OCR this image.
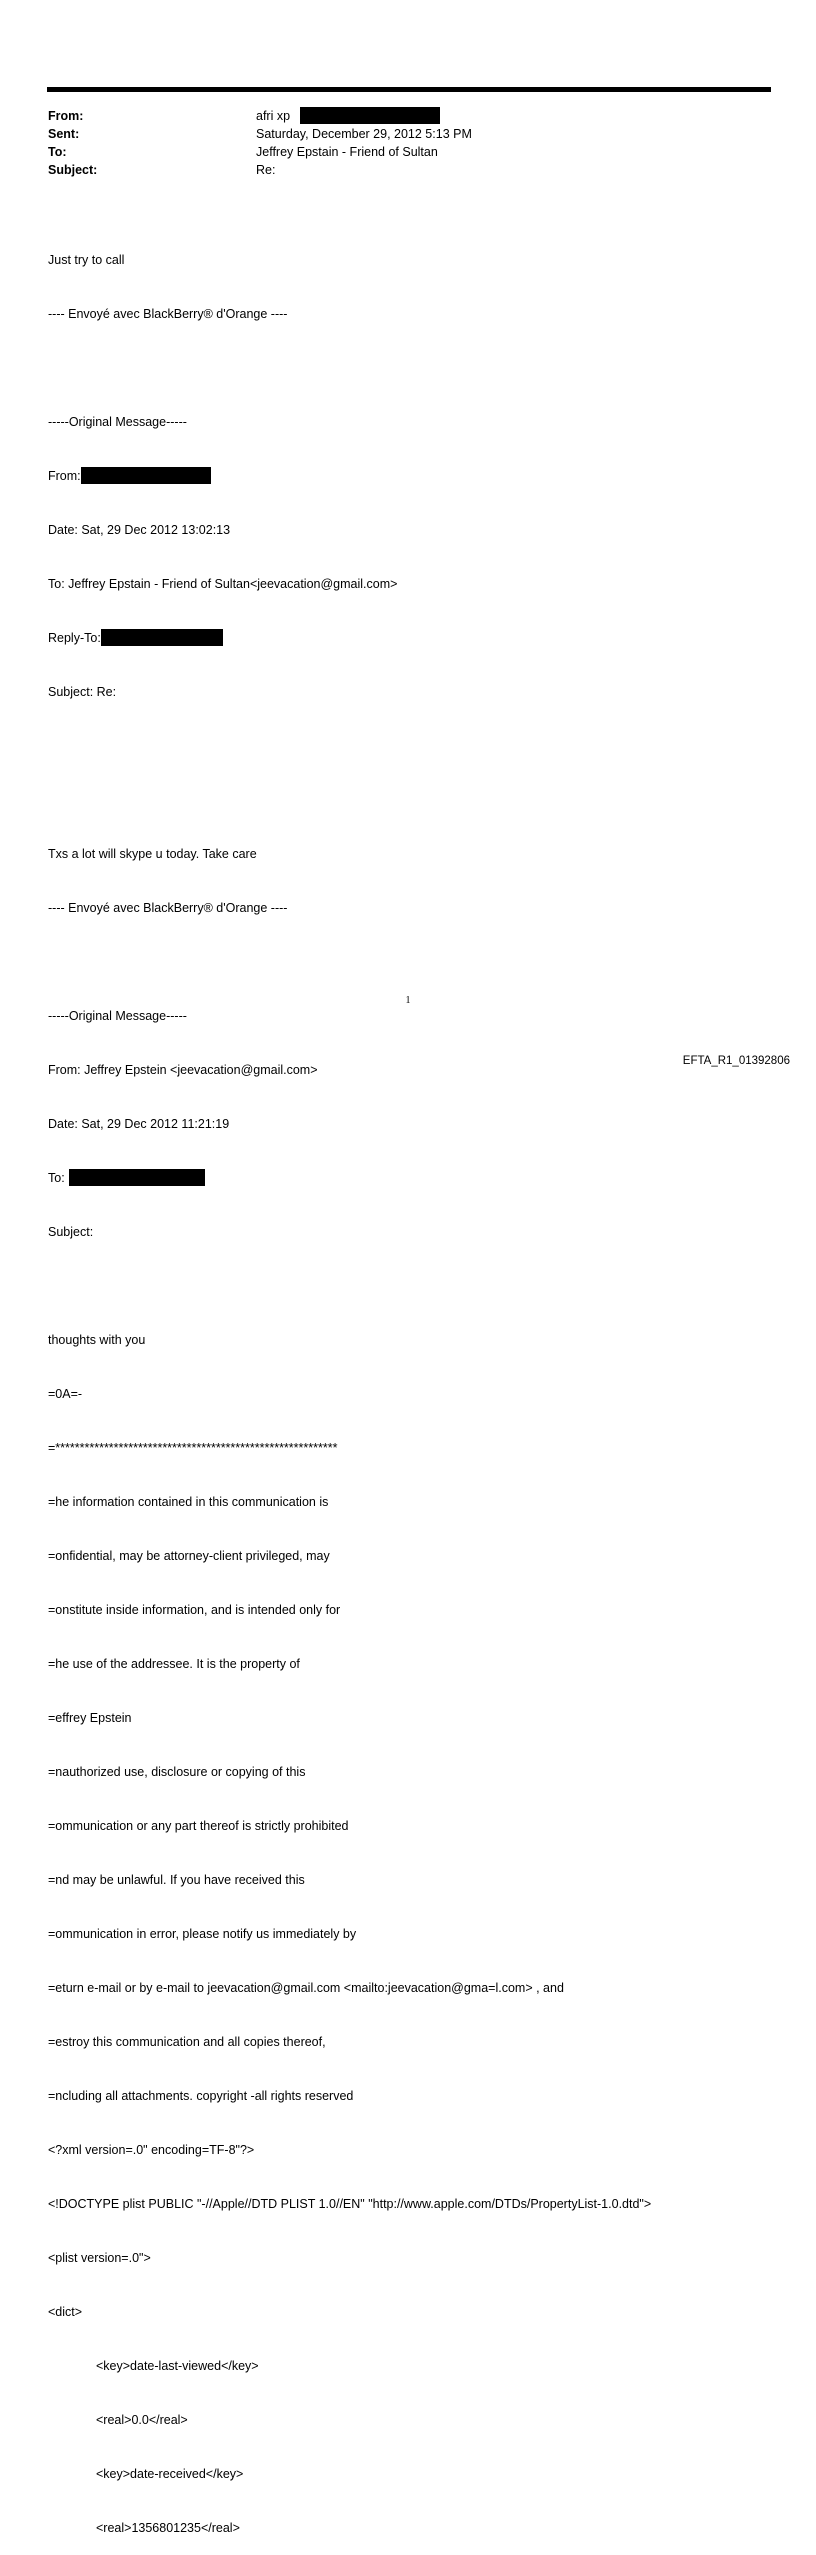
From:	afri xp
Sent:	Saturday, December 29, 2012 5:13 PM
To:	Jeffrey Epstain - Friend of Sultan
Subject:	Re:

Just try to call

---- Envoyé avec BlackBerry® d'Orange ----

-----Original Message-----

From:

Date: Sat, 29 Dec 2012 13:02:13

To: Jeffrey Epstain - Friend of Sultan<jeevacation@gmail.com>

Reply-To:

Subject: Re:

Txs a lot will skype u today. Take care

---- Envoyé avec BlackBerry® d'Orange ----

-----Original Message-----

From: Jeffrey Epstein <jeevacation@gmail.com>

Date: Sat, 29 Dec 2012 11:21:19

To:

Subject:

thoughts with you

=0A=-

=**********************************************************

=he information contained in this communication is

=onfidential, may be attorney-client privileged, may

=onstitute inside information, and is intended only for

=he use of the addressee. It is the property of

=effrey Epstein

=nauthorized use, disclosure or copying of this

=ommunication or any part thereof is strictly prohibited

=nd may be unlawful. If you have received this

=ommunication in error, please notify us immediately by

=eturn e-mail or by e-mail to jeevacation@gmail.com <mailto:jeevacation@gma=l.com> , and

=estroy this communication and all copies thereof,

=ncluding all attachments. copyright -all rights reserved

<?xml version=.0" encoding=TF-8"?>

<!DOCTYPE plist PUBLIC "-//Apple//DTD PLIST 1.0//EN" "http://www.apple.com/DTDs/PropertyList-1.0.dtd">

<plist version=.0">

<dict>

<key>date-last-viewed</key>

<real>0.0</real>

<key>date-received</key>

<real>1356801235</real>

1
EFTA_R1_01392806
